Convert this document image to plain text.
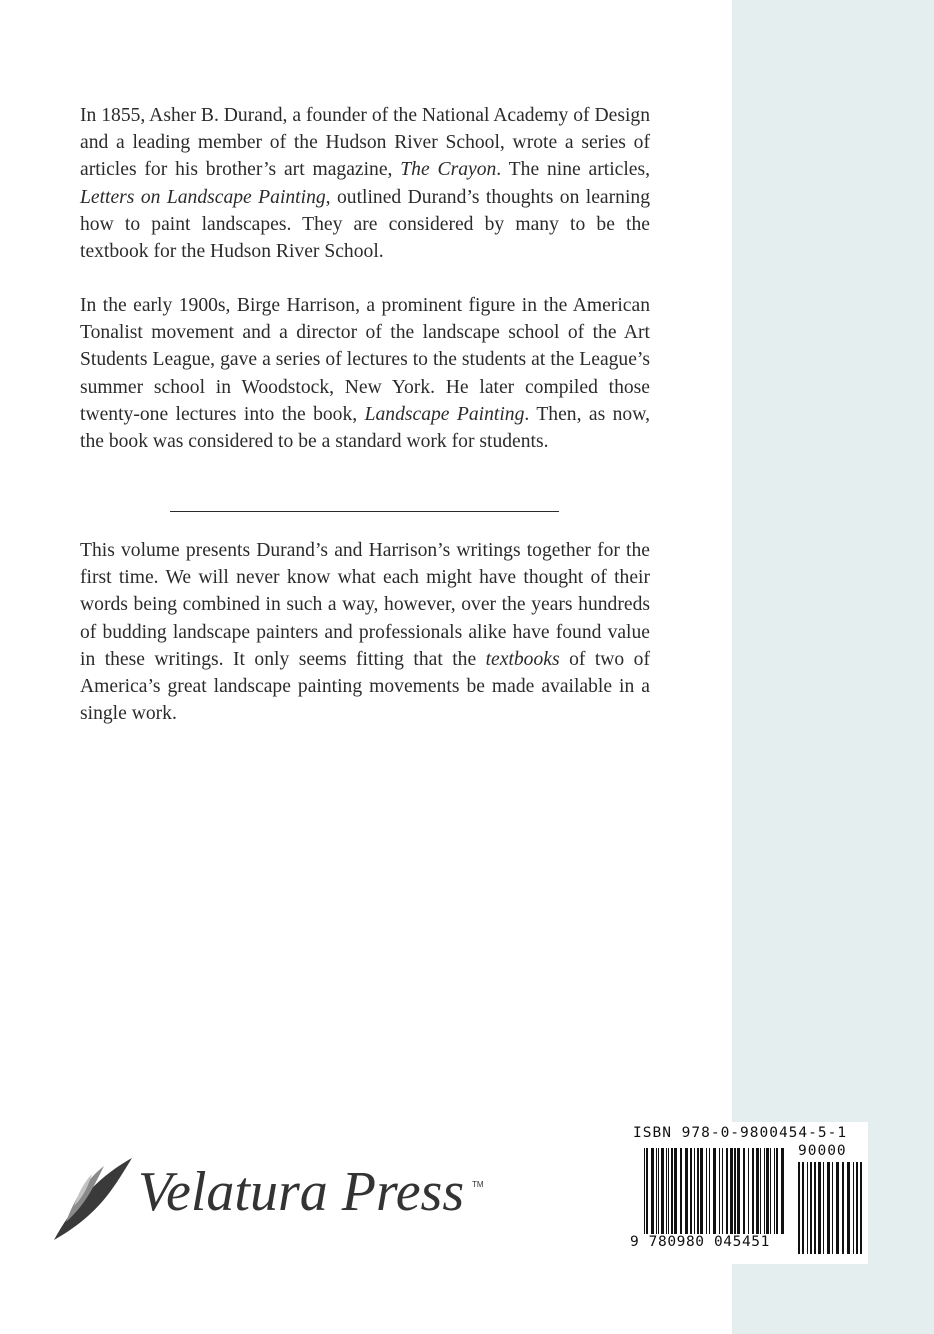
In 1855, Asher B. Durand, a founder of the National Academy of Design and a leading member of the Hudson River School, wrote a series of articles for his brother’s art magazine, The Crayon. The nine articles, Letters on Landscape Painting, outlined Durand’s thoughts on learning how to paint landscapes. They are considered by many to be the textbook for the Hudson River School.

In the early 1900s, Birge Harrison, a prominent figure in the American Tonalist movement and a director of the landscape school of the Art Students League, gave a series of lectures to the students at the League’s summer school in Woodstock, New York. He later compiled those twenty-one lectures into the book, Landscape Painting. Then, as now, the book was considered to be a standard work for students.

This volume presents Durand’s and Harrison’s writings together for the first time. We will never know what each might have thought of their words being combined in such a way, however, over the years hundreds of budding landscape painters and professionals alike have found value in these writings. It only seems fitting that the textbooks of two of America’s great landscape painting movements be made available in a single work.

Velatura Press TM
ISBN 978-0-9800454-5-1
90000
9 780980 045451
